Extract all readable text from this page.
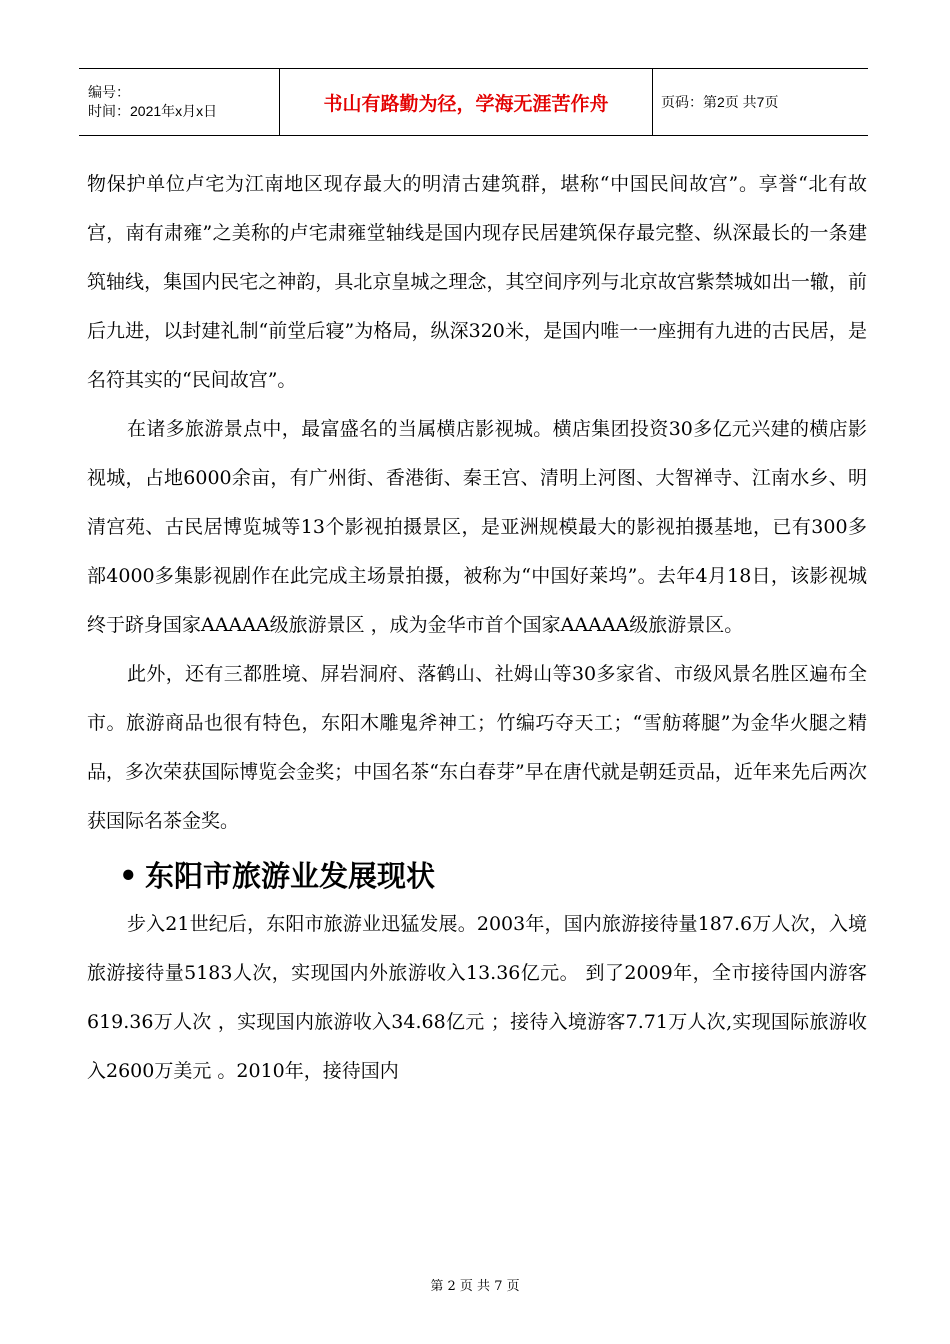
编号：
时间：2021年x月x日	书山有路勤为径，学海无涯苦作舟	页码：第2页 共7页

物保护单位卢宅为江南地区现存最大的明清古建筑群，堪称“中国民间故宫”。享誉“北有故宫，南有肃雍”之美称的卢宅肃雍堂轴线是国内现存民居建筑保存最完整、纵深最长的一条建筑轴线，集国内民宅之神韵，具北京皇城之理念，其空间序列与北京故宫紫禁城如出一辙，前后九进，以封建礼制“前堂后寝”为格局，纵深320米，是国内唯一一座拥有九进的古民居，是名符其实的“民间故宫”。

在诸多旅游景点中，最富盛名的当属横店影视城。横店集团投资30多亿元兴建的横店影视城，占地6000余亩，有广州街、香港街、秦王宫、清明上河图、大智禅寺、江南水乡、明清宫苑、古民居博览城等13个影视拍摄景区，是亚洲规模最大的影视拍摄基地，已有300多部4000多集影视剧作在此完成主场景拍摄，被称为“中国好莱坞”。去年4月18日，该影视城终于跻身国家AAAAA级旅游景区 ，成为金华市首个国家AAAAA级旅游景区。

此外，还有三都胜境、屏岩洞府、落鹤山、社姆山等30多家省、市级风景名胜区遍布全市。旅游商品也很有特色，东阳木雕鬼斧神工；竹编巧夺天工；“雪舫蒋腿”为金华火腿之精品，多次荣获国际博览会金奖；中国名茶“东白春芽”早在唐代就是朝廷贡品，近年来先后两次获国际名茶金奖。

• 东阳市旅游业发展现状

步入21世纪后，东阳市旅游业迅猛发展。2003年，国内旅游接待量187.6万人次，入境旅游接待量5183人次，实现国内外旅游收入13.36亿元。 到了2009年，全市接待国内游客619.36万人次 ，实现国内旅游收入34.68亿元 ；接待入境游客7.71万人次,实现国际旅游收入2600万美元 。2010年，接待国内

第 2 页 共 7 页
